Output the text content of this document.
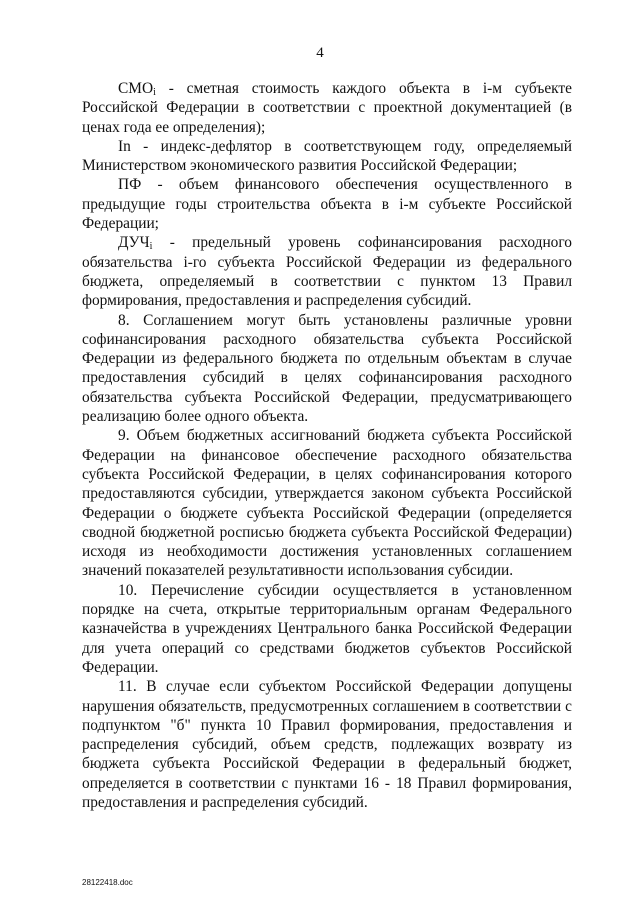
4

$СМО_i$ - сметная стоимость каждого объекта в i-м субъекте Российской Федерации в соответствии с проектной документацией (в ценах года ее определения);

In - индекс-дефлятор в соответствующем году, определяемый Министерством экономического развития Российской Федерации;

ПФ - объем финансового обеспечения осуществленного в предыдущие годы строительства объекта в i-м субъекте Российской Федерации;

$ДУЧ_i$ - предельный уровень софинансирования расходного обязательства i-го субъекта Российской Федерации из федерального бюджета, определяемый в соответствии с пунктом 13 Правил формирования, предоставления и распределения субсидий.

8. Соглашением могут быть установлены различные уровни софинансирования расходного обязательства субъекта Российской Федерации из федерального бюджета по отдельным объектам в случае предоставления субсидий в целях софинансирования расходного обязательства субъекта Российской Федерации, предусматривающего реализацию более одного объекта.

9. Объем бюджетных ассигнований бюджета субъекта Российской Федерации на финансовое обеспечение расходного обязательства субъекта Российской Федерации, в целях софинансирования которого предоставляются субсидии, утверждается законом субъекта Российской Федерации о бюджете субъекта Российской Федерации (определяется сводной бюджетной росписью бюджета субъекта Российской Федерации) исходя из необходимости достижения установленных соглашением значений показателей результативности использования субсидии.

10. Перечисление субсидии осуществляется в установленном порядке на счета, открытые территориальным органам Федерального казначейства в учреждениях Центрального банка Российской Федерации для учета операций со средствами бюджетов субъектов Российской Федерации.

11. В случае если субъектом Российской Федерации допущены нарушения обязательств, предусмотренных соглашением в соответствии с подпунктом "б" пункта 10 Правил формирования, предоставления и распределения субсидий, объем средств, подлежащих возврату из бюджета субъекта Российской Федерации в федеральный бюджет, определяется в соответствии с пунктами 16 - 18 Правил формирования, предоставления и распределения субсидий.

28122418.doc
